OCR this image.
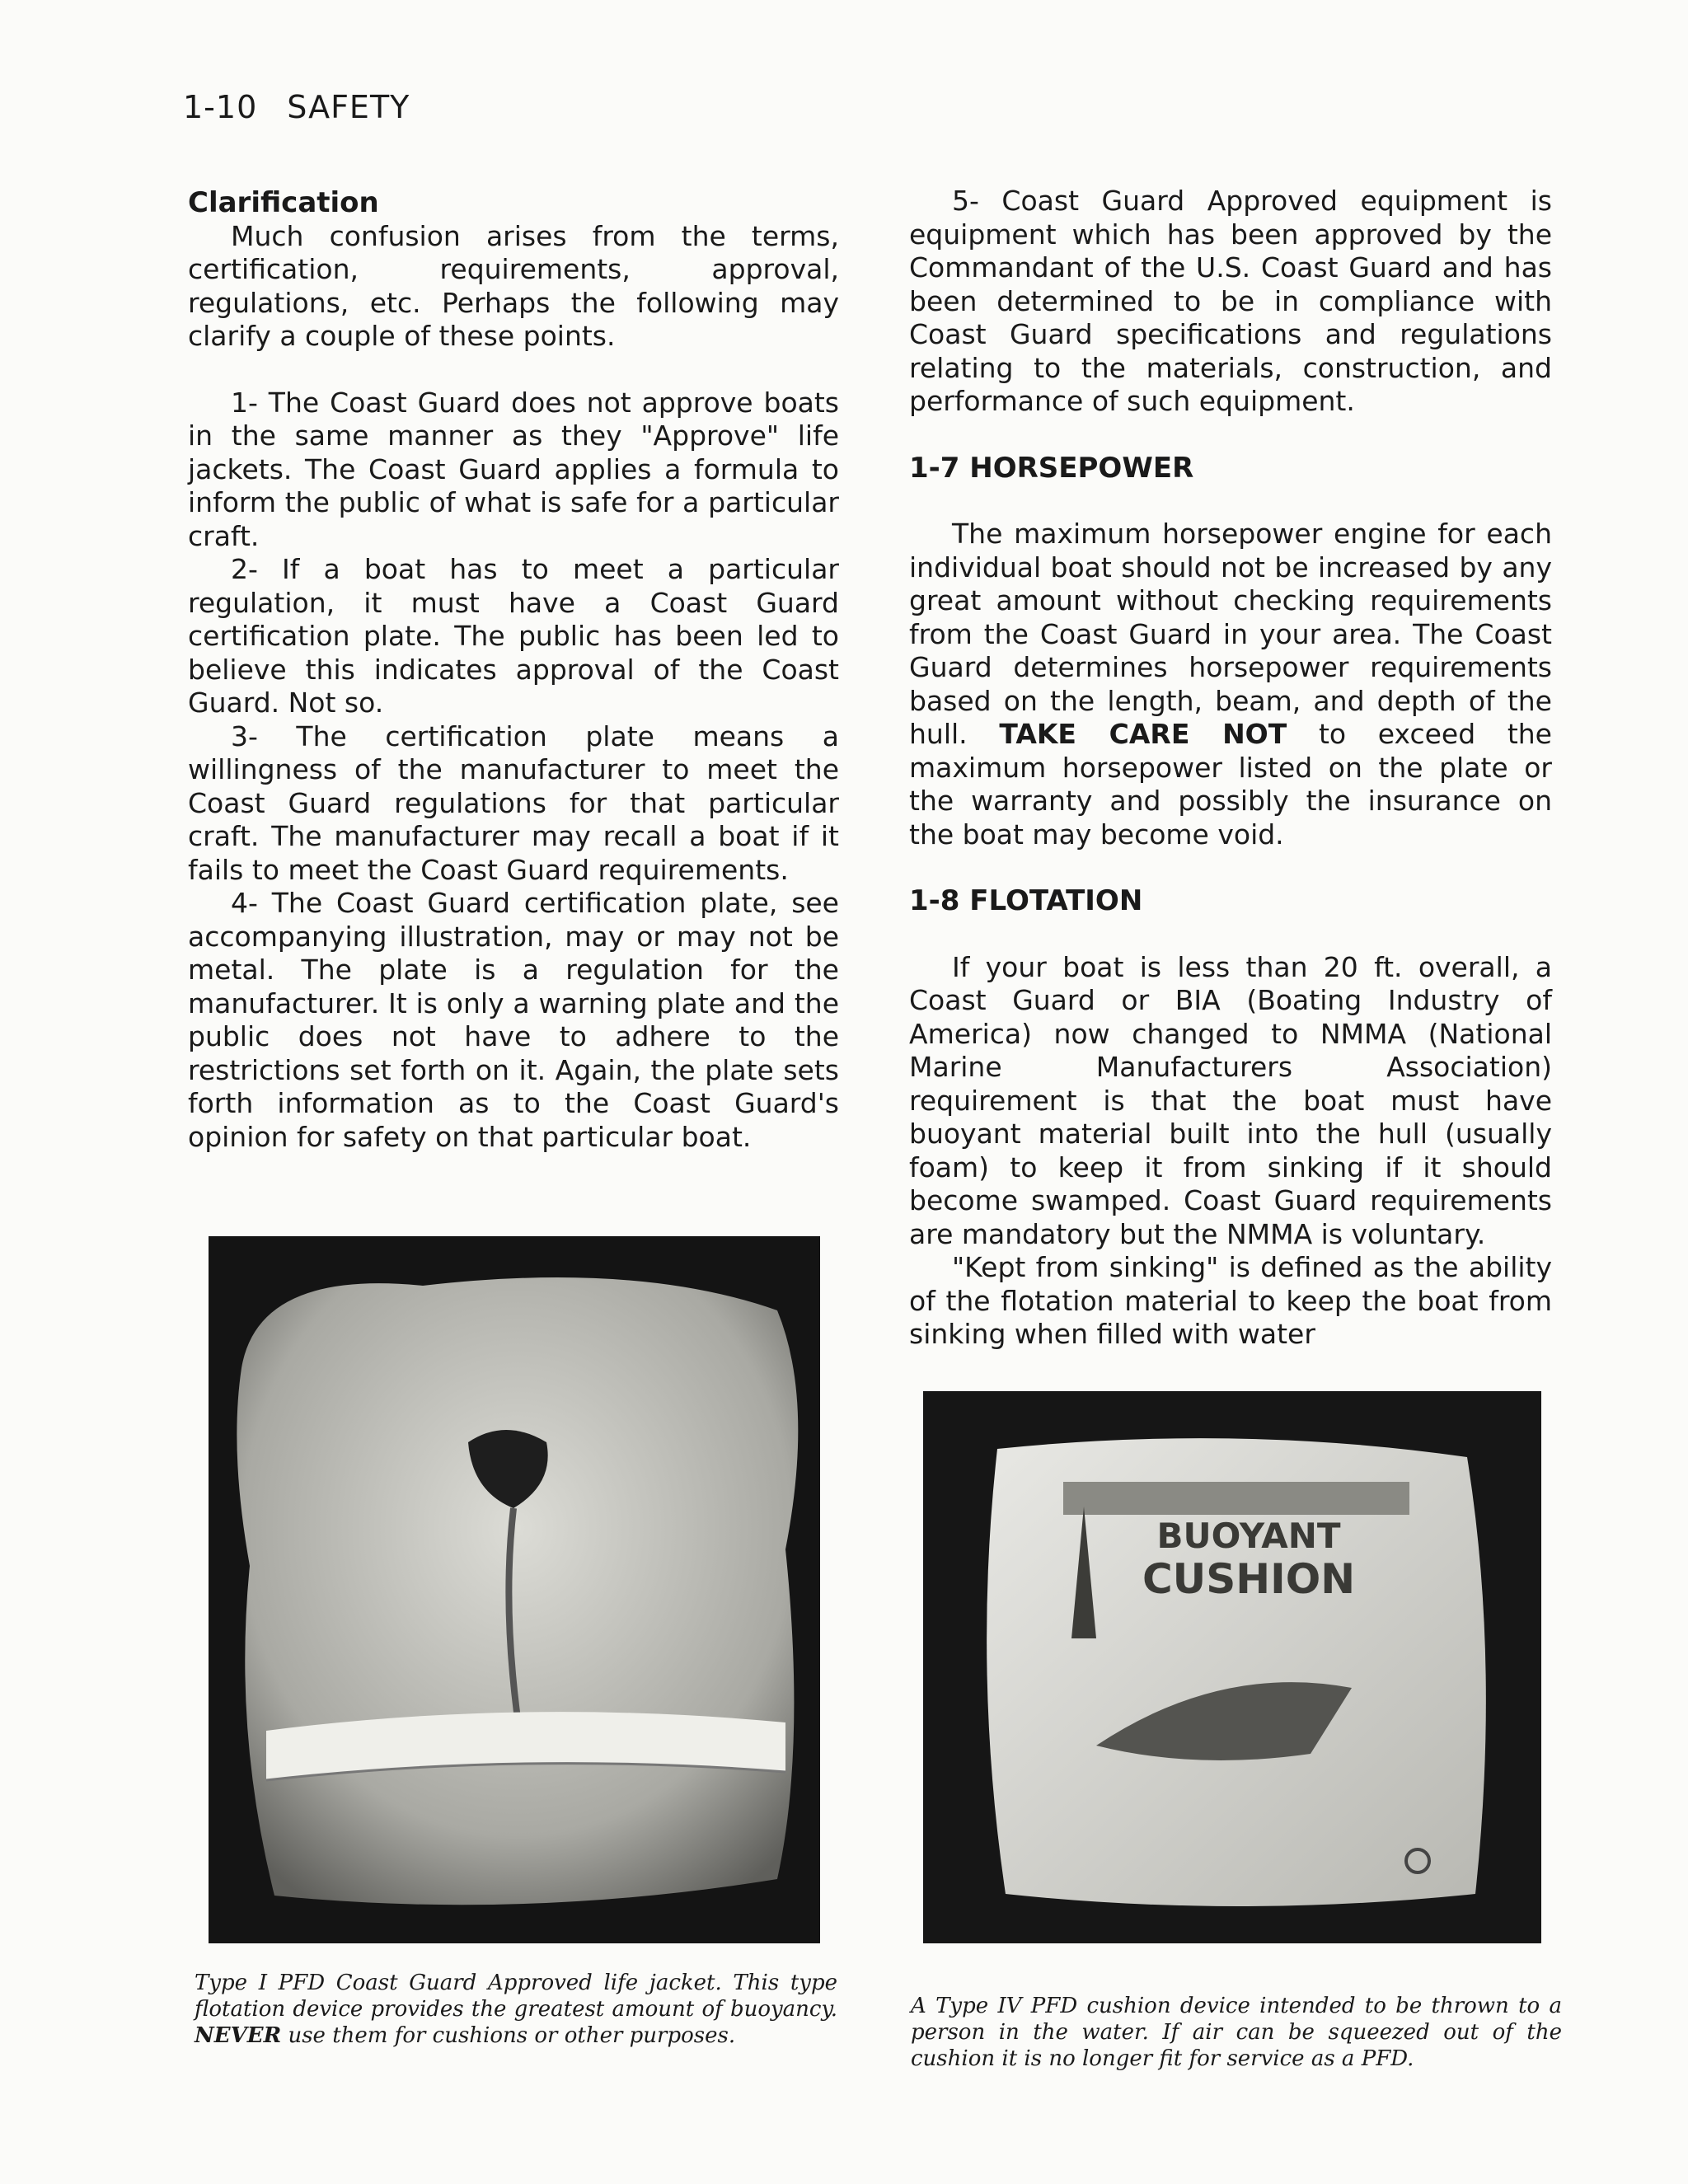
1-10 SAFETY

Clarification

Much confusion arises from the terms, certification, requirements, approval, regulations, etc. Perhaps the following may clarify a couple of these points.

1- The Coast Guard does not approve boats in the same manner as they "Approve" life jackets. The Coast Guard applies a formula to inform the public of what is safe for a particular craft.

2- If a boat has to meet a particular regulation, it must have a Coast Guard certification plate. The public has been led to believe this indicates approval of the Coast Guard. Not so.

3- The certification plate means a willingness of the manufacturer to meet the Coast Guard regulations for that particular craft. The manufacturer may recall a boat if it fails to meet the Coast Guard requirements.

4- The Coast Guard certification plate, see accompanying illustration, may or may not be metal. The plate is a regulation for the manufacturer. It is only a warning plate and the public does not have to adhere to the restrictions set forth on it. Again, the plate sets forth information as to the Coast Guard's opinion for safety on that particular boat.

5- Coast Guard Approved equipment is equipment which has been approved by the Commandant of the U.S. Coast Guard and has been determined to be in compliance with Coast Guard specifications and regulations relating to the materials, construction, and performance of such equipment.

1-7 HORSEPOWER

The maximum horsepower engine for each individual boat should not be increased by any great amount without checking requirements from the Coast Guard in your area. The Coast Guard determines horsepower requirements based on the length, beam, and depth of the hull. TAKE CARE NOT to exceed the maximum horsepower listed on the plate or the warranty and possibly the insurance on the boat may become void.

1-8 FLOTATION

If your boat is less than 20 ft. overall, a Coast Guard or BIA (Boating Industry of America) now changed to NMMA (National Marine Manufacturers Association) requirement is that the boat must have buoyant material built into the hull (usually foam) to keep it from sinking if it should become swamped. Coast Guard requirements are mandatory but the NMMA is voluntary.

"Kept from sinking" is defined as the ability of the flotation material to keep the boat from sinking when filled with water

BUOYANT
CUSHION
Type I PFD Coast Guard Approved life jacket. This type flotation device provides the greatest amount of buoyancy. NEVER use them for cushions or other purposes.
A Type IV PFD cushion device intended to be thrown to a person in the water. If air can be squeezed out of the cushion it is no longer fit for service as a PFD.
